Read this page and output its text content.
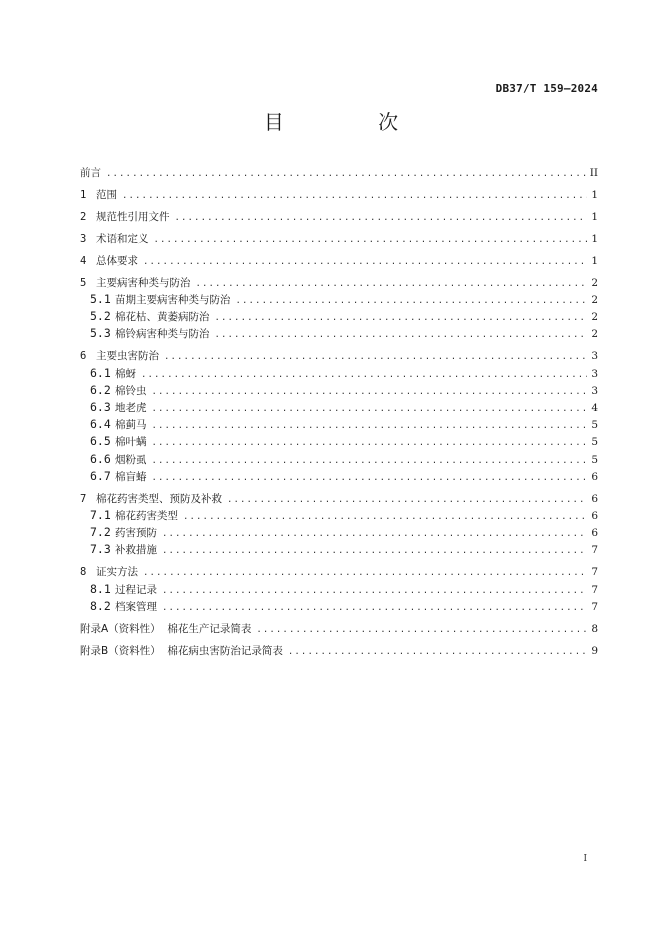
DB37/T 159—2024
目 次
前言 .....	II
1 范围 .....	1
2 规范性引用文件 .....	1
3 术语和定义 .....	1
4 总体要求 .....	1
5 主要病害种类与防治 .....	2
5.1 苗期主要病害种类与防治 .....	2
5.2 棉花枯、黄萎病防治 .....	2
5.3 棉铃病害种类与防治 .....	2
6 主要虫害防治 .....	3
6.1 棉蚜 .....	3
6.2 棉铃虫 .....	3
6.3 地老虎 .....	4
6.4 棉蓟马 .....	5
6.5 棉叶螨 .....	5
6.6 烟粉虱 .....	5
6.7 棉盲蝽 .....	6
7 棉花药害类型、预防及补救 .....	6
7.1 棉花药害类型 .....	6
7.2 药害预防 .....	6
7.3 补救措施 .....	7
8 证实方法 .....	7
8.1 过程记录 .....	7
8.2 档案管理 .....	7
附录A（资料性）  棉花生产记录简表 .....	8
附录B（资料性）  棉花病虫害防治记录简表 .....	9
I
